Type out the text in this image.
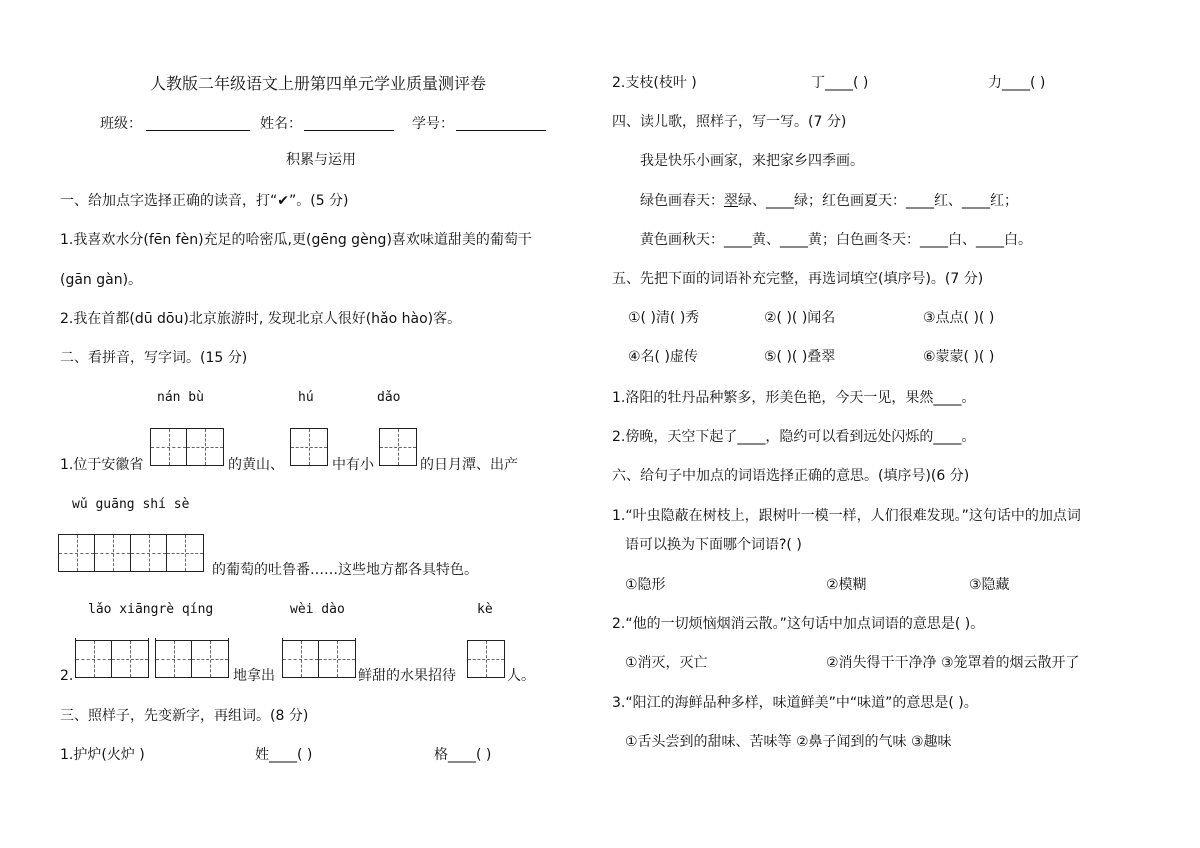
人教版二年级语文上册第四单元学业质量测评卷
班级：	姓名：	学号：
积累与运用
一、给加点字选择正确的读音，打“✔”。(5 分)
1.我喜欢水分(fēn fèn)充足的哈密瓜,更(gēng gèng)喜欢味道甜美的葡萄干
(gān gàn)。
2.我在首都(dū dōu)北京旅游时, 发现北京人很好(hǎo hào)客。
二、看拼音，写字词。(15 分)
nán bù	hú	dǎo
1.位于安徽省	的黄山、	中有小	的日月潭、出产
wǔ guāng shí sè
的葡萄的吐鲁番……这些地方都各具特色。
lǎo xiāngrè qíng	wèi dào	kè
2.	地拿出	鲜甜的水果招待	人。
三、照样子，先变新字，再组词。(8 分)
1.护炉(火炉 )	姓____( )	格____( )
2.支枝(枝叶 )	丁____( )	力____( )
四、读儿歌，照样子，写一写。(7 分)
我是快乐小画家，来把家乡四季画。
绿色画春天：翠绿、____绿；红色画夏天：____红、____红；
黄色画秋天：____黄、____黄；白色画冬天：____白、____白。
五、先把下面的词语补充完整，再选词填空(填序号)。(7 分)
①( )清( )秀	②( )( )闻名	③点点( )( )
④名( )虚传	⑤( )( )叠翠	⑥蒙蒙( )( )
1.洛阳的牡丹品种繁多，形美色艳，今天一见，果然____。
2.傍晚，天空下起了____，隐约可以看到远处闪烁的____。
六、给句子中加点的词语选择正确的意思。(填序号)(6 分)
1.“叶虫隐蔽在树枝上，跟树叶一模一样，人们很难发现。”这句话中的加点词
语可以换为下面哪个词语?( )
①隐形	②模糊	③隐藏
2.“他的一切烦恼烟消云散。”这句话中加点词语的意思是( )。
①消灭，灭亡	②消失得干干净净 ③笼罩着的烟云散开了
3.“阳江的海鲜品种多样，味道鲜美”中“味道”的意思是( )。
①舌头尝到的甜味、苦味等 ②鼻子闻到的气味 ③趣味
